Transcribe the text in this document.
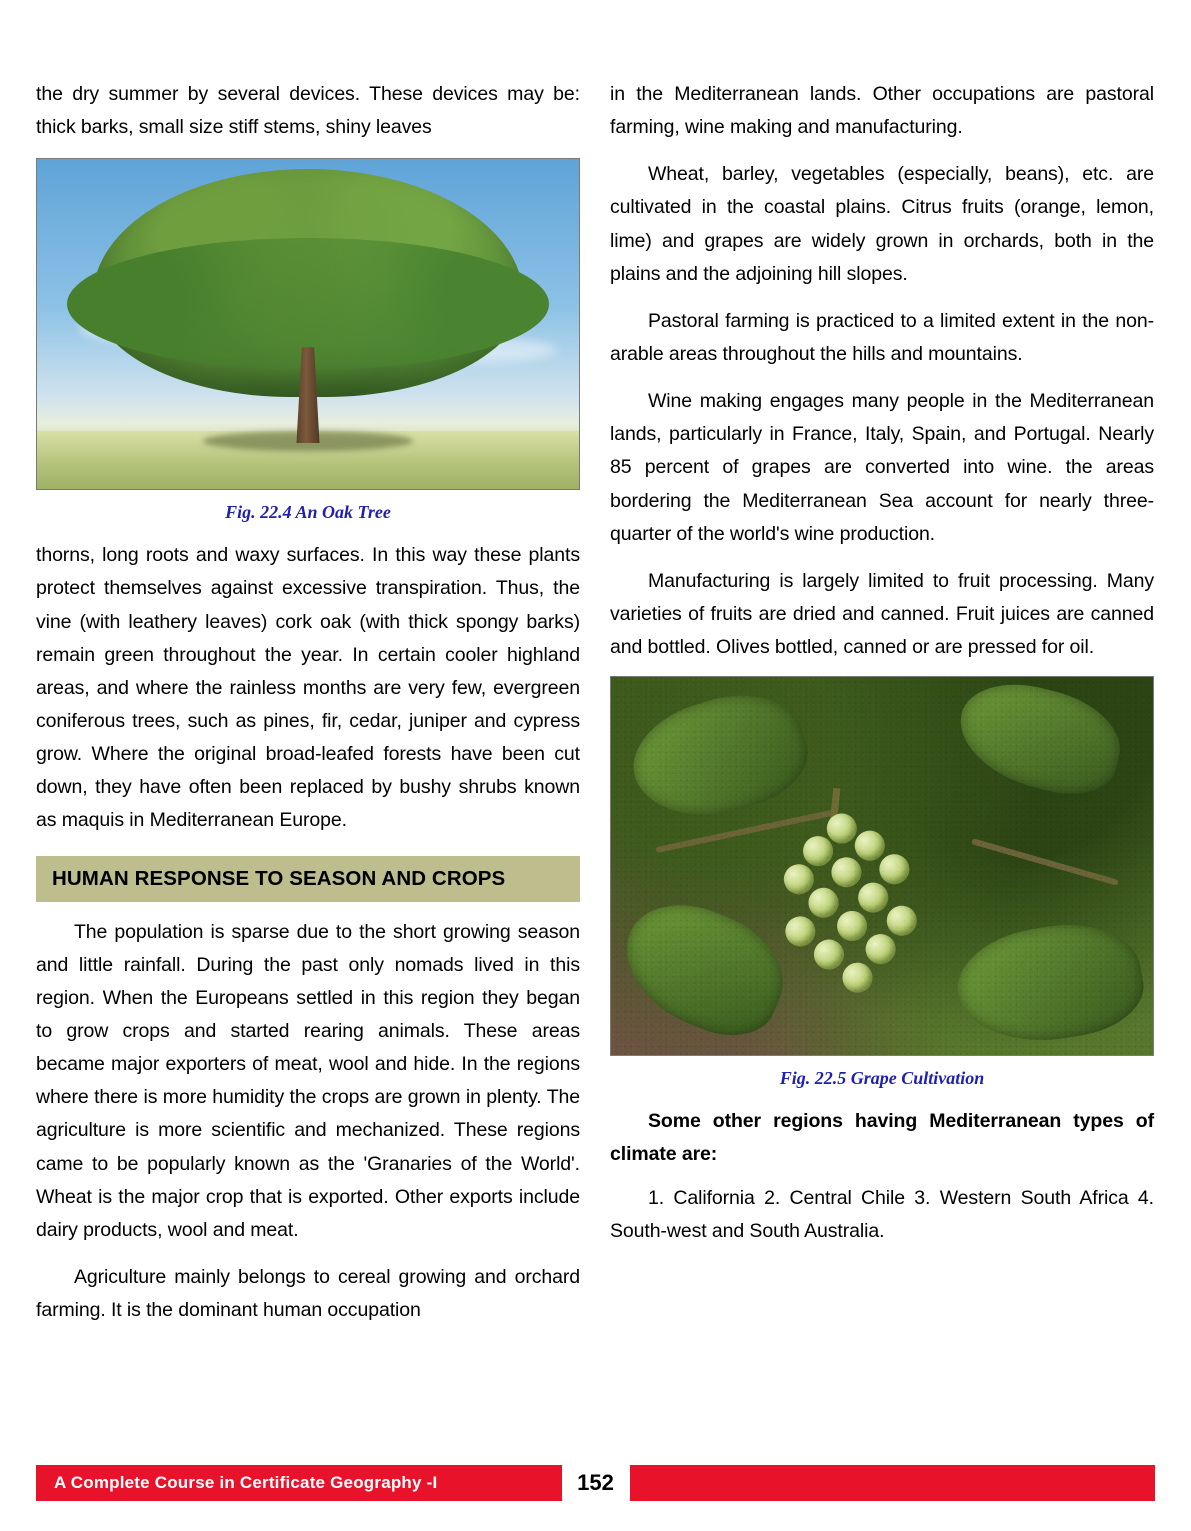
the dry summer by several devices. These devices may be: thick barks, small size stiff stems, shiny leaves

Fig. 22.4 An Oak Tree

thorns, long roots and waxy surfaces. In this way these plants protect themselves against excessive transpiration. Thus, the vine (with leathery leaves) cork oak (with thick spongy barks) remain green throughout the year. In certain cooler highland areas, and where the rainless months are very few, evergreen coniferous trees, such as pines, fir, cedar, juniper and cypress grow. Where the original broad-leafed forests have been cut down, they have often been replaced by bushy shrubs known as maquis in Mediterranean Europe.

HUMAN RESPONSE TO SEASON AND CROPS

The population is sparse due to the short growing season and little rainfall. During the past only nomads lived in this region. When the Europeans settled in this region they began to grow crops and started rearing animals. These areas became major exporters of meat, wool and hide. In the regions where there is more humidity the crops are grown in plenty. The agriculture is more scientific and mechanized. These regions came to be popularly known as the 'Granaries of the World'. Wheat is the major crop that is exported. Other exports include dairy products, wool and meat.

Agriculture mainly belongs to cereal growing and orchard farming. It is the dominant human occupation

in the Mediterranean lands. Other occupations are pastoral farming, wine making and manufacturing.

Wheat, barley, vegetables (especially, beans), etc. are cultivated in the coastal plains. Citrus fruits (orange, lemon, lime) and grapes are widely grown in orchards, both in the plains and the adjoining hill slopes.

Pastoral farming is practiced to a limited extent in the non-arable areas throughout the hills and mountains.

Wine making engages many people in the Mediterranean lands, particularly in France, Italy, Spain, and Portugal. Nearly 85 percent of grapes are converted into wine. the areas bordering the Mediterranean Sea account for nearly three-quarter of the world's wine production.

Manufacturing is largely limited to fruit processing. Many varieties of fruits are dried and canned. Fruit juices are canned and bottled. Olives bottled, canned or are pressed for oil.

Fig. 22.5 Grape Cultivation

Some other regions having Mediterranean types of climate are:

1. California 2. Central Chile 3. Western South Africa 4. South-west and South Australia.

A Complete Course in Certificate Geography -I	152
